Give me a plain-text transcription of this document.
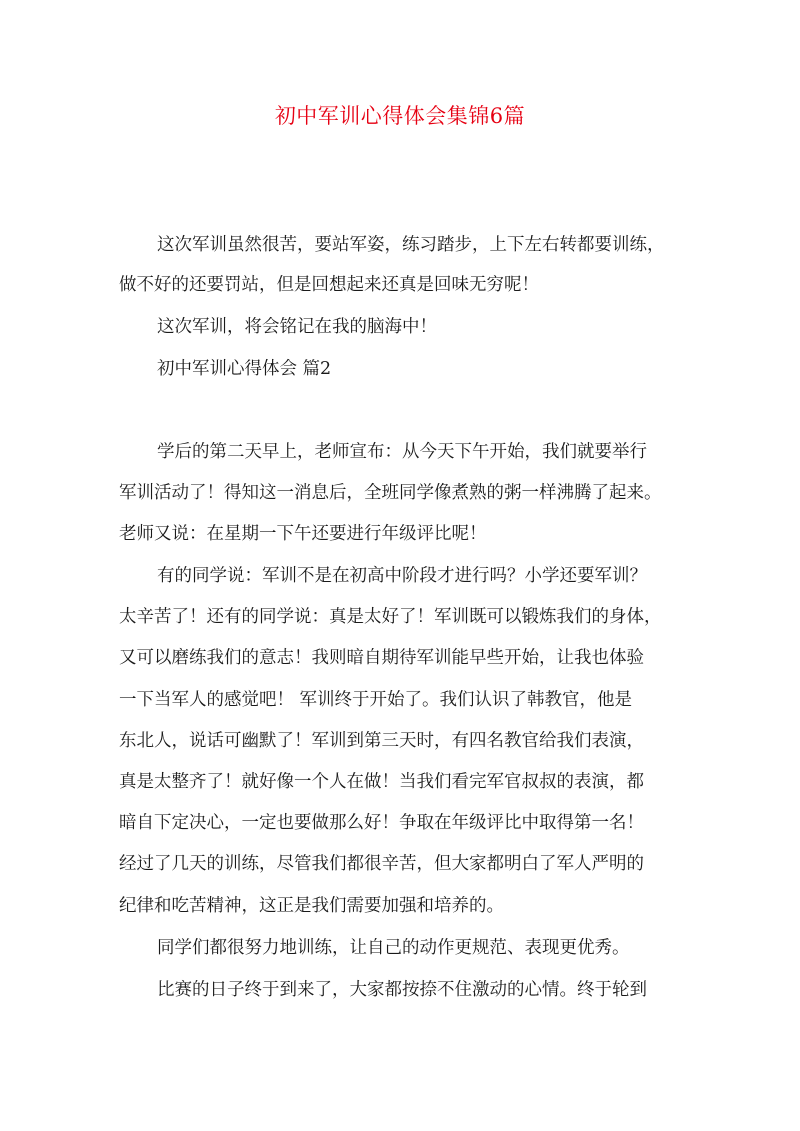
初中军训心得体会集锦6篇
这次军训虽然很苦，要站军姿，练习踏步，上下左右转都要训练，
做不好的还要罚站，但是回想起来还真是回味无穷呢！
这次军训，将会铭记在我的脑海中！
初中军训心得体会 篇2
学后的第二天早上，老师宣布：从今天下午开始，我们就要举行
军训活动了！得知这一消息后，全班同学像煮熟的粥一样沸腾了起来。
老师又说：在星期一下午还要进行年级评比呢！
有的同学说：军训不是在初高中阶段才进行吗？小学还要军训？
太辛苦了！还有的同学说：真是太好了！军训既可以锻炼我们的身体，
又可以磨练我们的意志！我则暗自期待军训能早些开始，让我也体验
一下当军人的感觉吧！ 军训终于开始了。我们认识了韩教官，他是
东北人，说话可幽默了！军训到第三天时，有四名教官给我们表演，
真是太整齐了！就好像一个人在做！当我们看完军官叔叔的表演，都
暗自下定决心，一定也要做那么好！争取在年级评比中取得第一名！
经过了几天的训练，尽管我们都很辛苦，但大家都明白了军人严明的
纪律和吃苦精神，这正是我们需要加强和培养的。
同学们都很努力地训练，让自己的动作更规范、表现更优秀。
比赛的日子终于到来了，大家都按捺不住激动的心情。终于轮到
